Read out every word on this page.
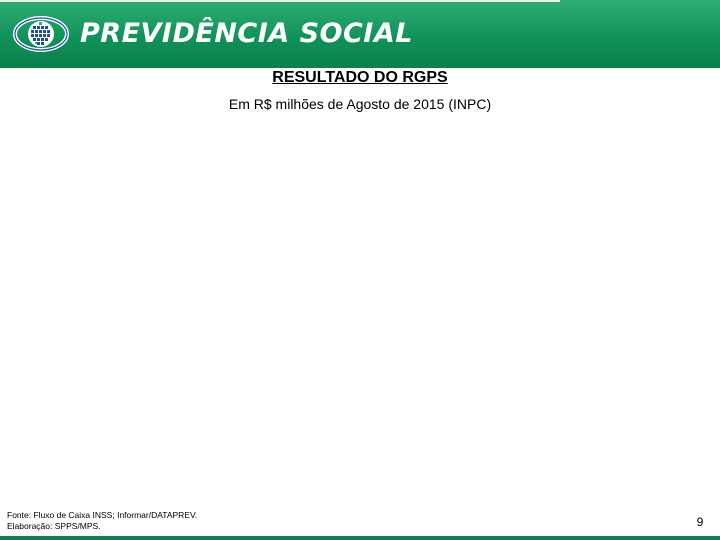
PREVIDÊNCIA SOCIAL
RESULTADO DO RGPS
Em R$ milhões de Agosto de 2015 (INPC)
Fonte: Fluxo de Caixa INSS; Informar/DATAPREV.
Elaboração: SPPS/MPS.	9
